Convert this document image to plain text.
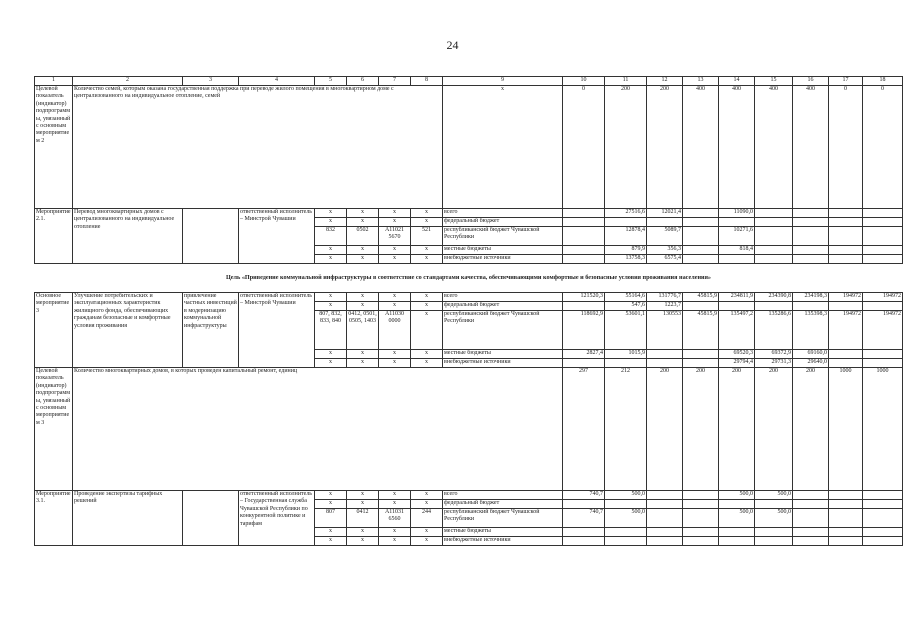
24
1	2	3	4	5	6	7	8	9	10	11	12	13	14	15	16	17	18
Целевой показатель (индикатор) подпрограммы, увязанный с основным мероприятием 2	Количество семей, которым оказана государственная поддержка при переводе жилого помещения в многоквартирном доме с централизованного на индивидуальное отопление, семей							x	0	200	200	400	400	400	400	0	0
Мероприятие 2.1.	Перевод многоквартирных домов с централизованного на индивидуальное отопление		ответственный исполнитель – Минстрой Чувашии	x	x	x	x	всего		27516,6	12021,4		11090,0				
				x	x	x	x	федеральный бюджет									
				832	0502	A11021 5670	521	республиканский бюджет Чувашской Республики		12878,4	5089,7		10271,6				
				x	x	x	x	местные бюджеты		879,9	356,3		818,4				
				x	x	x	x	внебюджетные источники		13758,3	6575,4						
Цель «Приведение коммунальной инфраструктуры в соответствие со стандартами качества, обеспечивающими комфортные и безопасные условия проживания населения»																	
Основное мероприятие 3	Улучшение потребительских и эксплуатационных характеристик жилищного фонда, обеспечивающих гражданам безопасные и комфортные условия проживания	привлечение частных инвестиций в модернизацию коммунальной инфраструктуры	ответственный исполнитель – Минстрой Чувашии	x	x	x	x	всего	121520,3	55164,6	131776,7	45815,9	234811,9	234390,8	234198,3	194972	194972
				x	x	x	x	федеральный бюджет		547,6	1223,7						
				807, 832, 833, 840	0412, 0501, 0505, 1403	A11030 0000	x	республиканский бюджет Чувашской Республики	118692,9	53601,1	130553	45815,9	135497,2	135286,6	135398,3	194972	194972
				x	x	x	x	местные бюджеты	2827,4	1015,9			69520,3	69372,9	69160,0		
				x	x	x	x	внебюджетные источники					29794,4	29731,3	29640,0		
Целевой показатель (индикатор) подпрограммы, увязанный с основным мероприятием 3	Количество многоквартирных домов, в которых проведен капитальный ремонт, единиц								297	212	200	200	200	200	200	1000	1000
Мероприятие 3.1.	Проведение экспертизы тарифных решений		ответственный исполнитель – Государственная служба Чувашской Республики по конкурентной политике и тарифам	x	x	x	x	всего	740,7	500,0			500,0	500,0			
				x	x	x	x	федеральный бюджет									
				807	0412	A11031 6560	244	республиканский бюджет Чувашской Республики	740,7	500,0			500,0	500,0			
				x	x	x	x	местные бюджеты									
				x	x	x	x	внебюджетные источники									
